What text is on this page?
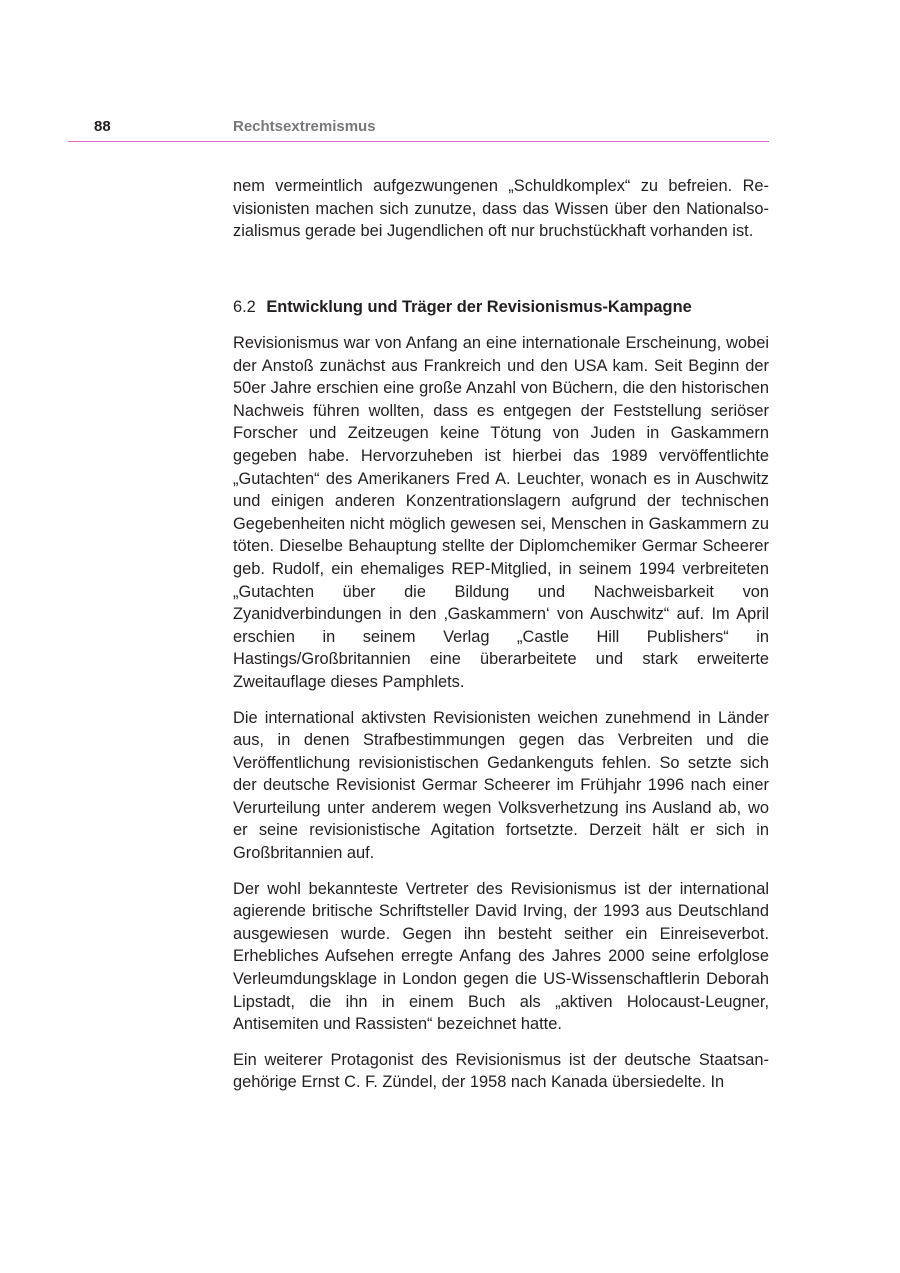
88	Rechtsextremismus

nem vermeintlich aufgezwungenen „Schuldkomplex“ zu befreien. Revisionisten machen sich zunutze, dass das Wissen über den Nationalsozialismus gerade bei Jugendlichen oft nur bruchstückhaft vorhanden ist.

6.2 Entwicklung und Träger der Revisionismus-Kampagne

Revisionismus war von Anfang an eine internationale Erscheinung, wobei der Anstoß zunächst aus Frankreich und den USA kam. Seit Beginn der 50er Jahre erschien eine große Anzahl von Büchern, die den historischen Nachweis führen wollten, dass es entgegen der Feststellung seriöser Forscher und Zeitzeugen keine Tötung von Juden in Gaskammern gegeben habe. Hervorzuheben ist hierbei das 1989 vervöffentlichte „Gutachten“ des Amerikaners Fred A. Leuchter, wonach es in Auschwitz und einigen anderen Konzentrationslagern aufgrund der technischen Gegebenheiten nicht möglich gewesen sei, Menschen in Gaskammern zu töten. Dieselbe Behauptung stellte der Diplomchemiker Germar Scheerer geb. Rudolf, ein ehemaliges REP-Mitglied, in seinem 1994 verbreiteten „Gutachten über die Bildung und Nachweisbarkeit von Zyanidverbindungen in den ‚Gaskammern‘ von Auschwitz“ auf. Im April erschien in seinem Verlag „Castle Hill Publishers“ in Hastings/Großbritannien eine überarbeitete und stark erweiterte Zweitauflage dieses Pamphlets.

Die international aktivsten Revisionisten weichen zunehmend in Länder aus, in denen Strafbestimmungen gegen das Verbreiten und die Veröffentlichung revisionistischen Gedankenguts fehlen. So setzte sich der deutsche Revisionist Germar Scheerer im Frühjahr 1996 nach einer Verurteilung unter anderem wegen Volksverhetzung ins Ausland ab, wo er seine revisionistische Agitation fortsetzte. Derzeit hält er sich in Großbritannien auf.

Der wohl bekannteste Vertreter des Revisionismus ist der international agierende britische Schriftsteller David Irving, der 1993 aus Deutschland ausgewiesen wurde. Gegen ihn besteht seither ein Einreiseverbot. Erhebliches Aufsehen erregte Anfang des Jahres 2000 seine erfolglose Verleumdungsklage in London gegen die US-Wissenschaftlerin Deborah Lipstadt, die ihn in einem Buch als „aktiven Holocaust-Leugner, Antisemiten und Rassisten“ bezeichnet hatte.

Ein weiterer Protagonist des Revisionismus ist der deutsche Staatsangehörige Ernst C. F. Zündel, der 1958 nach Kanada übersiedelte. In
